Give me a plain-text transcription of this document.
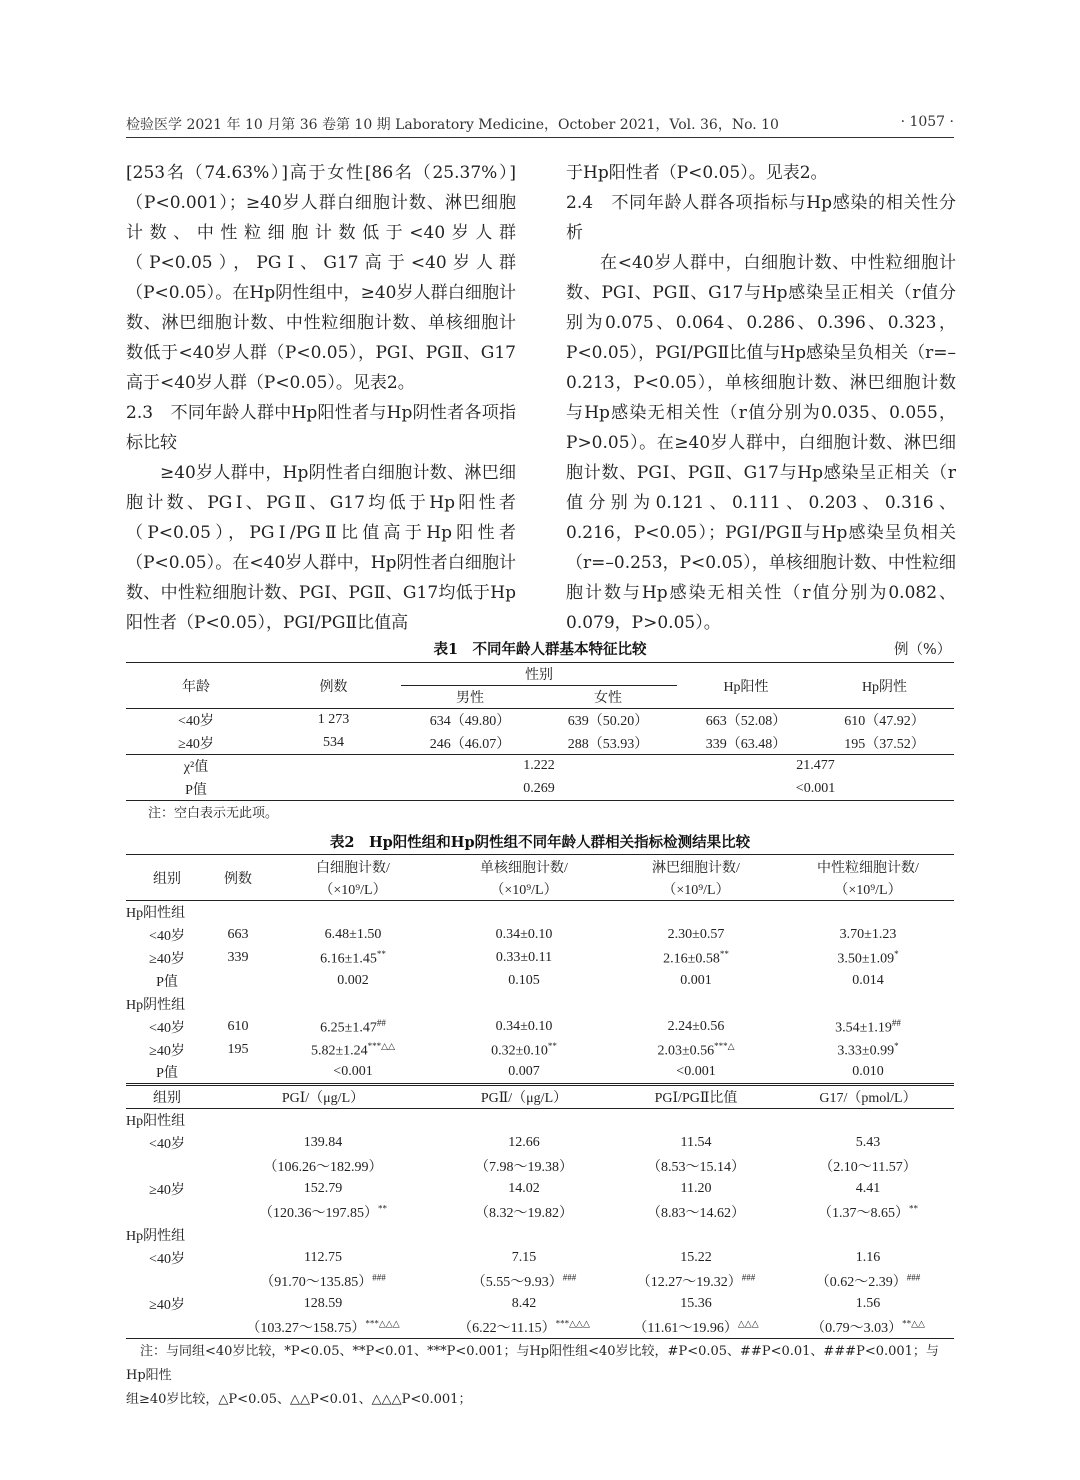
检验医学 2021 年 10 月第 36 卷第 10 期 Laboratory Medicine，October 2021，Vol. 36，No. 10	· 1057 ·

[253名（74.63%）]高于女性[86名（25.37%）]（P<0.001）；≥40岁人群白细胞计数、淋巴细胞计数、中性粒细胞计数低于<40岁人群（P<0.05），PGⅠ、G17高于<40岁人群（P<0.05）。在Hp阴性组中，≥40岁人群白细胞计数、淋巴细胞计数、中性粒细胞计数、单核细胞计数低于<40岁人群（P<0.05），PGⅠ、PGⅡ、G17高于<40岁人群（P<0.05）。见表2。

2.3　不同年龄人群中Hp阳性者与Hp阴性者各项指标比较

≥40岁人群中，Hp阴性者白细胞计数、淋巴细胞计数、PGⅠ、PGⅡ、G17均低于Hp阳性者（P<0.05），PGⅠ/PGⅡ比值高于Hp阳性者（P<0.05）。在<40岁人群中，Hp阴性者白细胞计数、中性粒细胞计数、PGⅠ、PGⅡ、G17均低于Hp阳性者（P<0.05），PGⅠ/PGⅡ比值高

于Hp阳性者（P<0.05）。见表2。

2.4　不同年龄人群各项指标与Hp感染的相关性分析

在<40岁人群中，白细胞计数、中性粒细胞计数、PGⅠ、PGⅡ、G17与Hp感染呈正相关（r值分别为0.075、0.064、0.286、0.396、0.323，P<0.05），PGⅠ/PGⅡ比值与Hp感染呈负相关（r=–0.213，P<0.05），单核细胞计数、淋巴细胞计数与Hp感染无相关性（r值分别为0.035、0.055，P>0.05）。在≥40岁人群中，白细胞计数、淋巴细胞计数、PGⅠ、PGⅡ、G17与Hp感染呈正相关（r值分别为0.121、0.111、0.203、0.316、0.216，P<0.05）；PGⅠ/PGⅡ与Hp感染呈负相关（r=–0.253，P<0.05），单核细胞计数、中性粒细胞计数与Hp感染无相关性（r值分别为0.082、0.079，P>0.05）。

表1　不同年龄人群基本特征比较	例（%）
年龄	例数	性别		Hp阳性	Hp阴性
		男性	女性		
<40岁	1 273	634（49.80）	639（50.20）	663（52.08）	610（47.92）
≥40岁	534	246（46.07）	288（53.93）	339（63.48）	195（37.52）
χ²值		1.222		21.477	
P值		0.269		<0.001	
注：空白表示无此项。
表2　Hp阳性组和Hp阴性组不同年龄人群相关指标检测结果比较
组别	例数	白细胞计数/	单核细胞计数/	淋巴细胞计数/	中性粒细胞计数/
		（×10⁹/L）	（×10⁹/L）	（×10⁹/L）	（×10⁹/L）
Hp阳性组					
<40岁	663	6.48±1.50	0.34±0.10	2.30±0.57	3.70±1.23
≥40岁	339	6.16±1.45**	0.33±0.11	2.16±0.58**	3.50±1.09*
P值		0.002	0.105	0.001	0.014
Hp阴性组					
<40岁	610	6.25±1.47##	0.34±0.10	2.24±0.56	3.54±1.19##
≥40岁	195	5.82±1.24***△△	0.32±0.10**	2.03±0.56***△	3.33±0.99*
P值		<0.001	0.007	<0.001	0.010
组别	PGⅠ/（μg/L）		PGⅡ/（μg/L）	PGⅠ/PGⅡ比值	G17/（pmol/L）
Hp阳性组					
<40岁	139.84		12.66	11.54	5.43
	（106.26～182.99）		（7.98～19.38）	（8.53～15.14）	（2.10～11.57）
≥40岁	152.79		14.02	11.20	4.41
	（120.36～197.85）**		（8.32～19.82）	（8.83～14.62）	（1.37～8.65）**
Hp阴性组					
<40岁	112.75		7.15	15.22	1.16
	（91.70～135.85）###		（5.55～9.93）###	（12.27～19.32）###	（0.62～2.39）###
≥40岁	128.59		8.42	15.36	1.56
	（103.27～158.75）***△△△		（6.22～11.15）***△△△	（11.61～19.96）△△△	（0.79～3.03）**△△
注：与同组<40岁比较，*P<0.05、**P<0.01、***P<0.001；与Hp阳性组<40岁比较，#P<0.05、##P<0.01、###P<0.001；与Hp阳性
组≥40岁比较，△P<0.05、△△P<0.01、△△△P<0.001；
